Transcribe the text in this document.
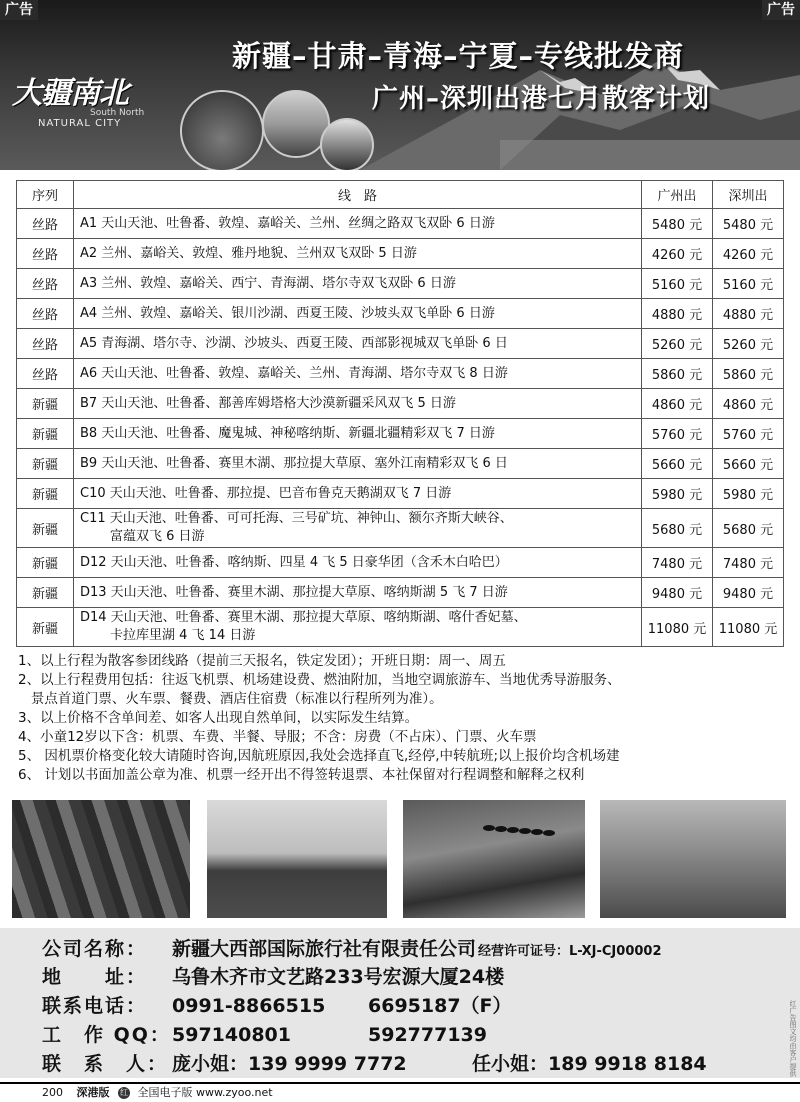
大疆南北
South North
NATURAL CITY
新疆–甘肃–青海–宁夏–专线批发商
广州–深圳出港七月散客计划
广告	广告
序列	线　路	广州出	深圳出
丝路	A1 天山天池、吐鲁番、敦煌、嘉峪关、兰州、丝绸之路双飞双卧 6 日游	5480 元	5480 元
丝路	A2 兰州、嘉峪关、敦煌、雅丹地貌、兰州双飞双卧 5 日游	4260 元	4260 元
丝路	A3 兰州、敦煌、嘉峪关、西宁、青海湖、塔尔寺双飞双卧 6 日游	5160 元	5160 元
丝路	A4 兰州、敦煌、嘉峪关、银川沙湖、西夏王陵、沙坡头双飞单卧 6 日游	4880 元	4880 元
丝路	A5 青海湖、塔尔寺、沙湖、沙坡头、西夏王陵、西部影视城双飞单卧 6 日	5260 元	5260 元
丝路	A6 天山天池、吐鲁番、敦煌、嘉峪关、兰州、青海湖、塔尔寺双飞 8 日游	5860 元	5860 元
新疆	B7 天山天池、吐鲁番、鄯善库姆塔格大沙漠新疆采风双飞 5 日游	4860 元	4860 元
新疆	B8 天山天池、吐鲁番、魔鬼城、神秘喀纳斯、新疆北疆精彩双飞 7 日游	5760 元	5760 元
新疆	B9 天山天池、吐鲁番、赛里木湖、那拉提大草原、塞外江南精彩双飞 6 日	5660 元	5660 元
新疆	C10 天山天池、吐鲁番、那拉提、巴音布鲁克天鹅湖双飞 7 日游	5980 元	5980 元
新疆	C11 天山天池、吐鲁番、可可托海、三号矿坑、神钟山、额尔齐斯大峡谷、
富蕴双飞 6 日游	5680 元	5680 元
新疆	D12 天山天池、吐鲁番、喀纳斯、四星 4 飞 5 日豪华团（含禾木白哈巴）	7480 元	7480 元
新疆	D13 天山天池、吐鲁番、赛里木湖、那拉提大草原、喀纳斯湖 5 飞 7 日游	9480 元	9480 元
新疆	D14 天山天池、吐鲁番、赛里木湖、那拉提大草原、喀纳斯湖、喀什香妃墓、
卡拉库里湖 4 飞 14 日游	11080 元	11080 元
1、以上行程为散客参团线路（提前三天报名，铁定发团）；开班日期：周一、周五
2、以上行程费用包括：往返飞机票、机场建设费、燃油附加，当地空调旅游车、当地优秀导游服务、
景点首道门票、火车票、餐费、酒店住宿费（标准以行程所列为准）。
3、以上价格不含单间差、如客人出现自然单间，以实际发生结算。
4、小童12岁以下含：机票、车费、半餐、导服；不含：房费（不占床）、门票、火车票
5、 因机票价格变化较大请随时咨询,因航班原因,我处会选择直飞,经停,中转航班;以上报价均含机场建
6、 计划以书面加盖公章为准、机票一经开出不得签转退票、本社保留对行程调整和解释之权利
公司名称： 新疆大西部国际旅行社有限责任公司 经营许可证号：L-XJ-CJ00002
地　　址： 乌鲁木齐市文艺路233号宏源大厦24楼
联系电话： 0991-8866515 6695187（F）
工　作 QQ：597140801	592777139
联　系　人： 庞小姐：139 9999 7772	任小姐：189 9918 8184	红广告图文均由客户提供
200 深港版 红 全国电子版 www.zyoo.net
